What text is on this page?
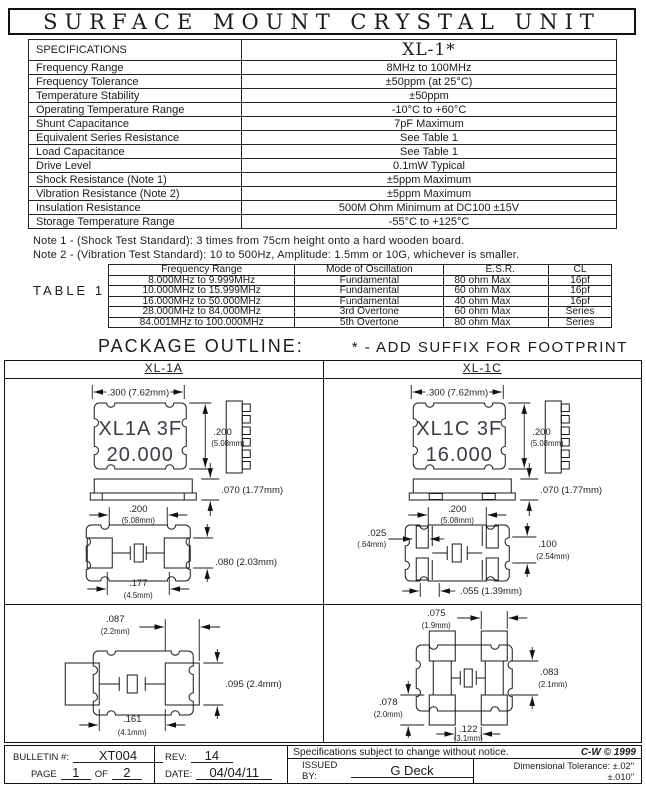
SURFACE MOUNT CRYSTAL UNIT
SPECIFICATIONS	XL-1*
Frequency Range	8MHz to 100MHz
Frequency Tolerance	±50ppm (at 25°C)
Temperature Stability	±50ppm
Operating Temperature Range	-10°C to +60°C
Shunt Capacitance	7pF Maximum
Equivalent Series Resistance	See Table 1
Load Capacitance	See Table 1
Drive Level	0.1mW Typical
Shock Resistance (Note 1)	±5ppm Maximum
Vibration Resistance (Note 2)	±5ppm Maximum
Insulation Resistance	500M Ohm Minimum at DC100 ±15V
Storage Temperature Range	-55°C to +125°C
Note 1 - (Shock Test Standard): 3 times from 75cm height onto a hard wooden board.
Note 2 - (Vibration Test Standard): 10 to 500Hz, Amplitude: 1.5mm or 10G, whichever is smaller.
TABLE 1
Frequency Range	Mode of Oscillation	E.S.R.	CL
8.000MHz to 9.999MHz	Fundamental	80 ohm Max	16pf
10.000MHz to 15.999MHz	Fundamental	60 ohm Max	16pf
16.000MHz to 50.000MHz	Fundamental	40 ohm Max	16pf
28.000MHz to 84.000MHz	3rd Overtone	60 ohm Max	Series
84.001MHz to 100.000MHz	5th Overtone	80 ohm Max	Series
PACKAGE OUTLINE:	* - ADD SUFFIX FOR FOOTPRINT
XL-1A	XL-1C
.300 (7.62mm)
XL1A 3F
20.000
.200
(5.08mm)
.070 (1.77mm)
.200
(5.08mm)
.080 (2.03mm)
.177
(4.5mm)
.300 (7.62mm)
XL1C 3F
16.000
.200
(5.08mm)
.070 (1.77mm)
.200
(5.08mm)
.025
(.64mm)	.100
(2.54mm)
.055 (1.39mm)
.087
(2.2mm)
.095 (2.4mm)
.161
(4.1mm)
.075
(1.9mm)
.083
(2.1mm)
.078
(2.0mm)
.122
(3.1mm)
BULLETIN #:	XT004
PAGE	1	OF	2
REV:	14
DATE:	04/04/11
Specifications subject to change without notice.	C-W © 1999
ISSUED BY:	G Deck	Dimensional Tolerance: ±.02"
±.010"
